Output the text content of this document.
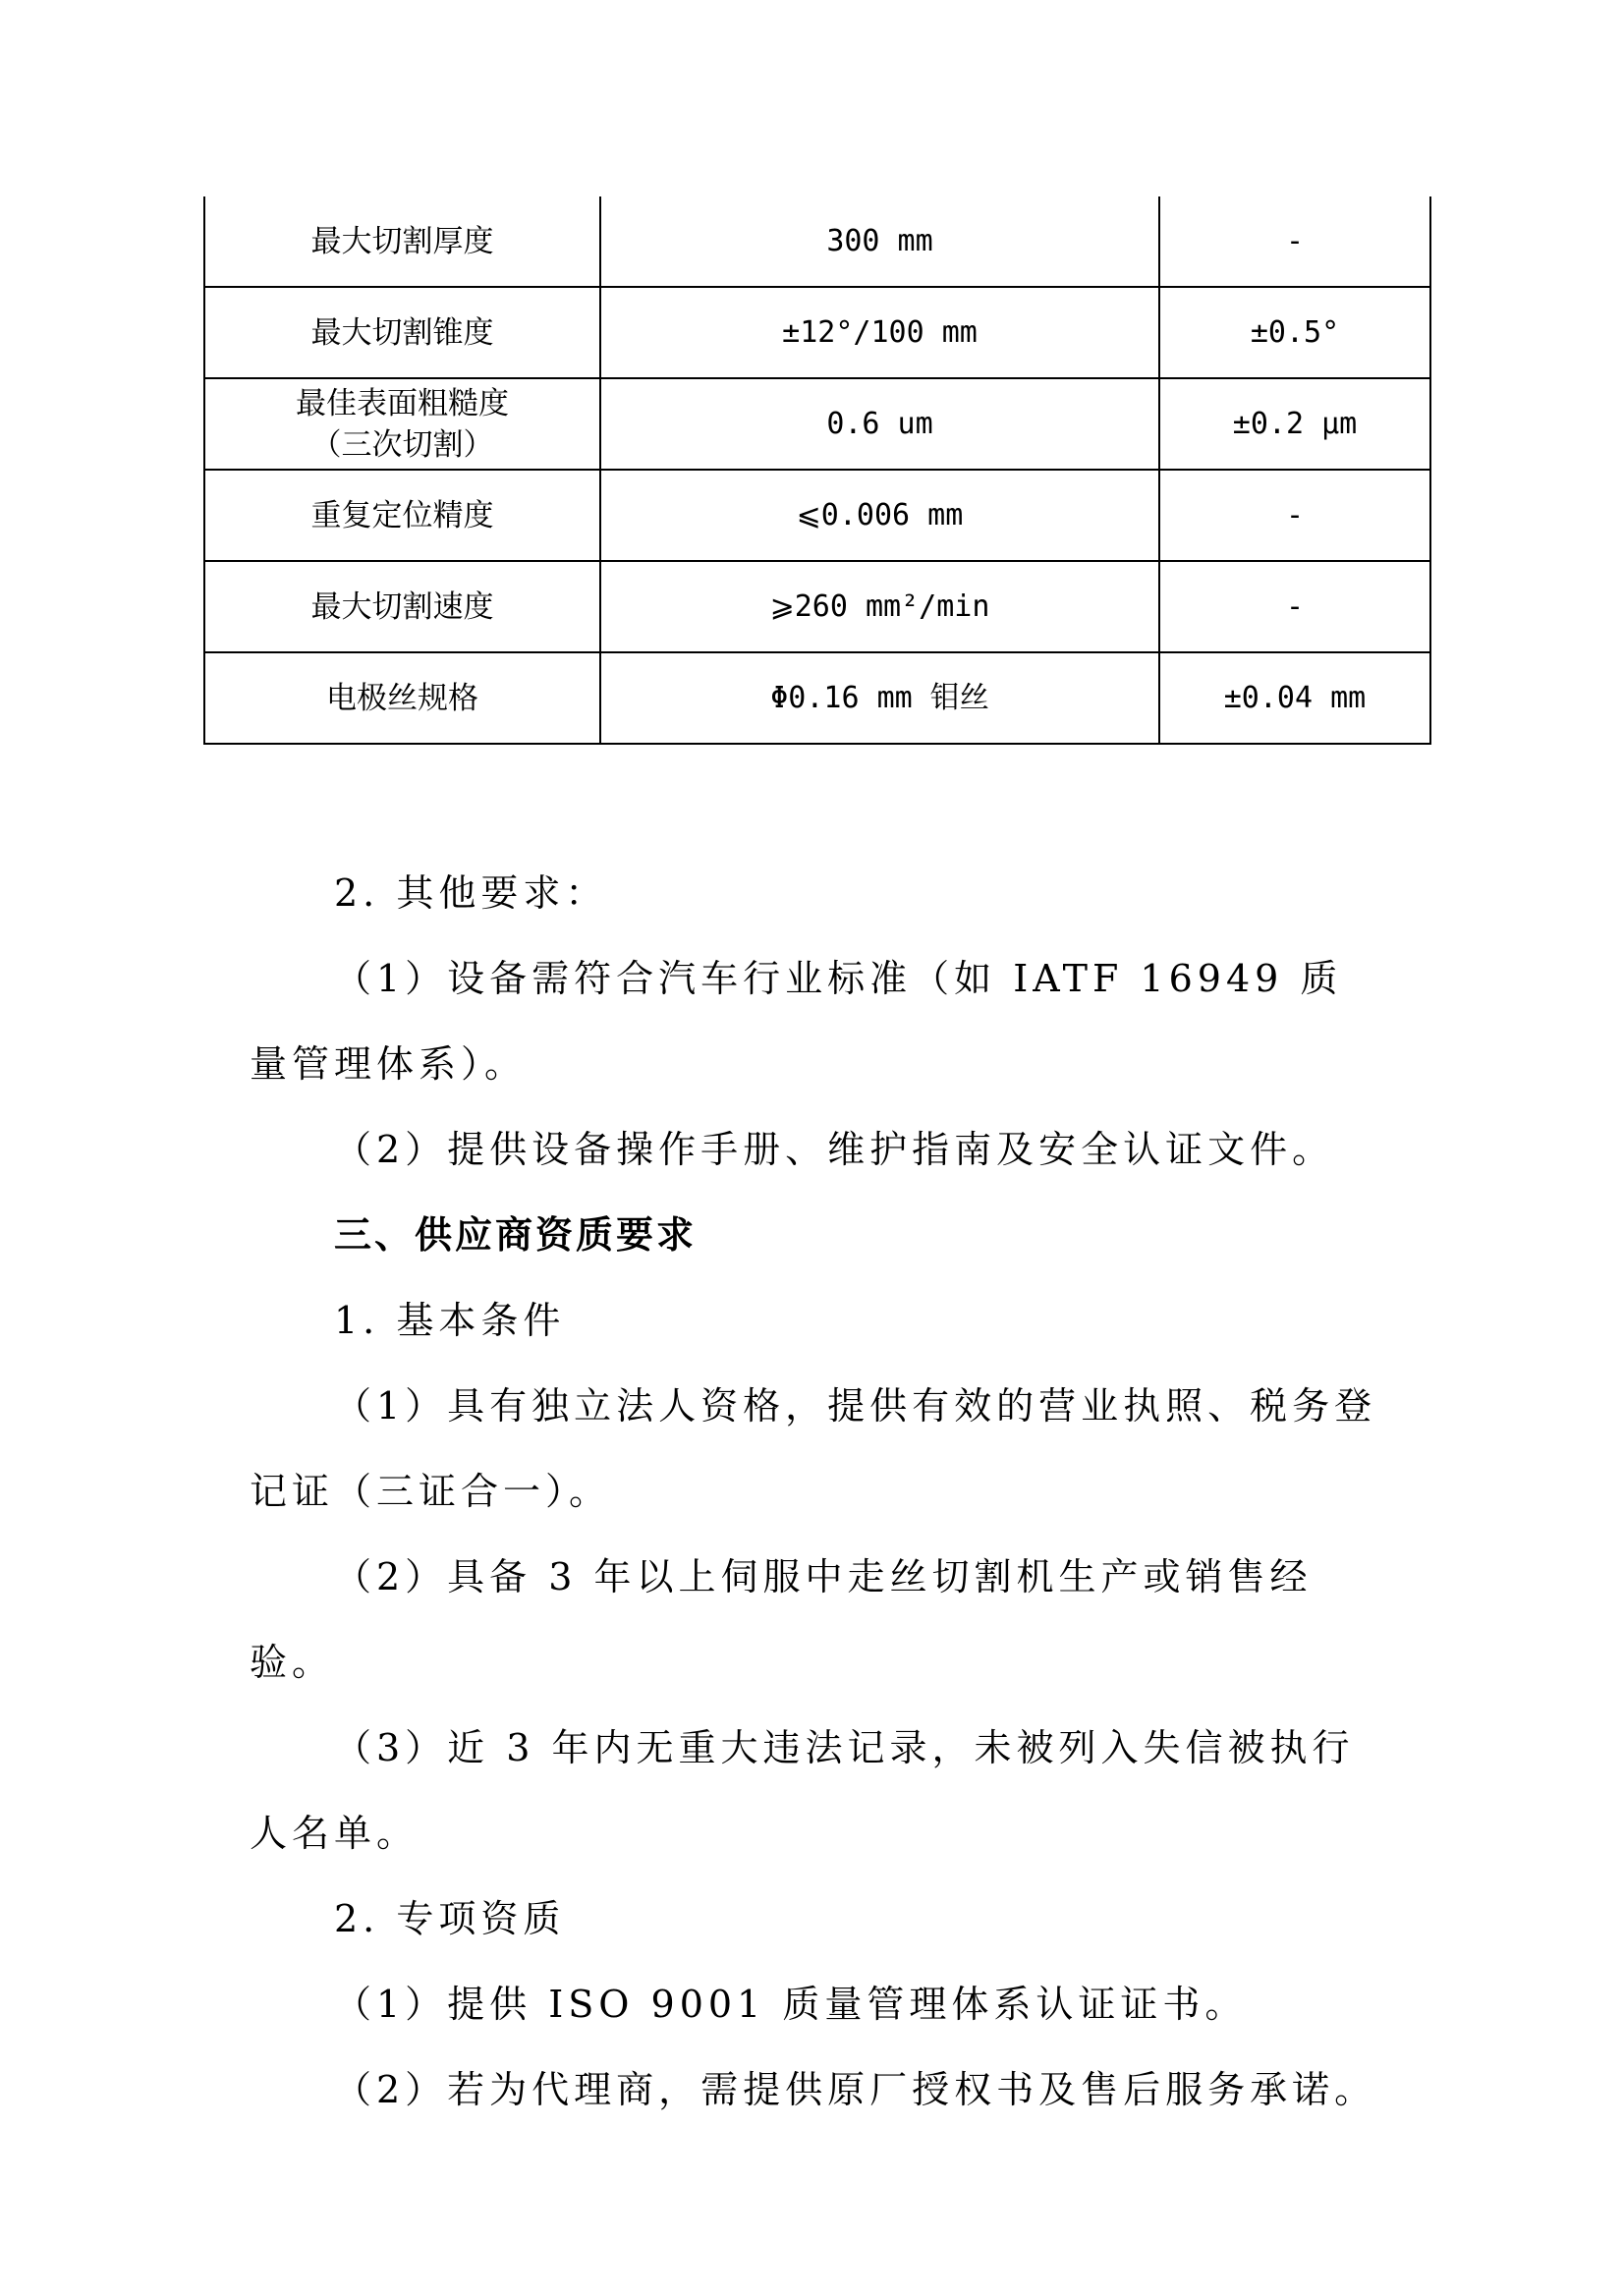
最大切割厚度	300 mm	-

最大切割锥度	±12°/100 mm	±0.5°

最佳表面粗糙度
（三次切割）	0.6 um	±0.2 μm

重复定位精度	⩽0.006 mm	-

最大切割速度	⩾260 mm²/min	-

电极丝规格	Φ0.16 mm 钼丝	±0.04 mm

2. 其他要求：

（1）设备需符合汽车行业标准（如 IATF 16949 质量管理体系）。

（2）提供设备操作手册、维护指南及安全认证文件。

三、供应商资质要求

1. 基本条件

（1）具有独立法人资格，提供有效的营业执照、税务登记证（三证合一）。

（2）具备 3 年以上伺服中走丝切割机生产或销售经验。

（3）近 3 年内无重大违法记录，未被列入失信被执行人名单。

2. 专项资质

（1）提供 ISO 9001 质量管理体系认证证书。

（2）若为代理商，需提供原厂授权书及售后服务承诺。
